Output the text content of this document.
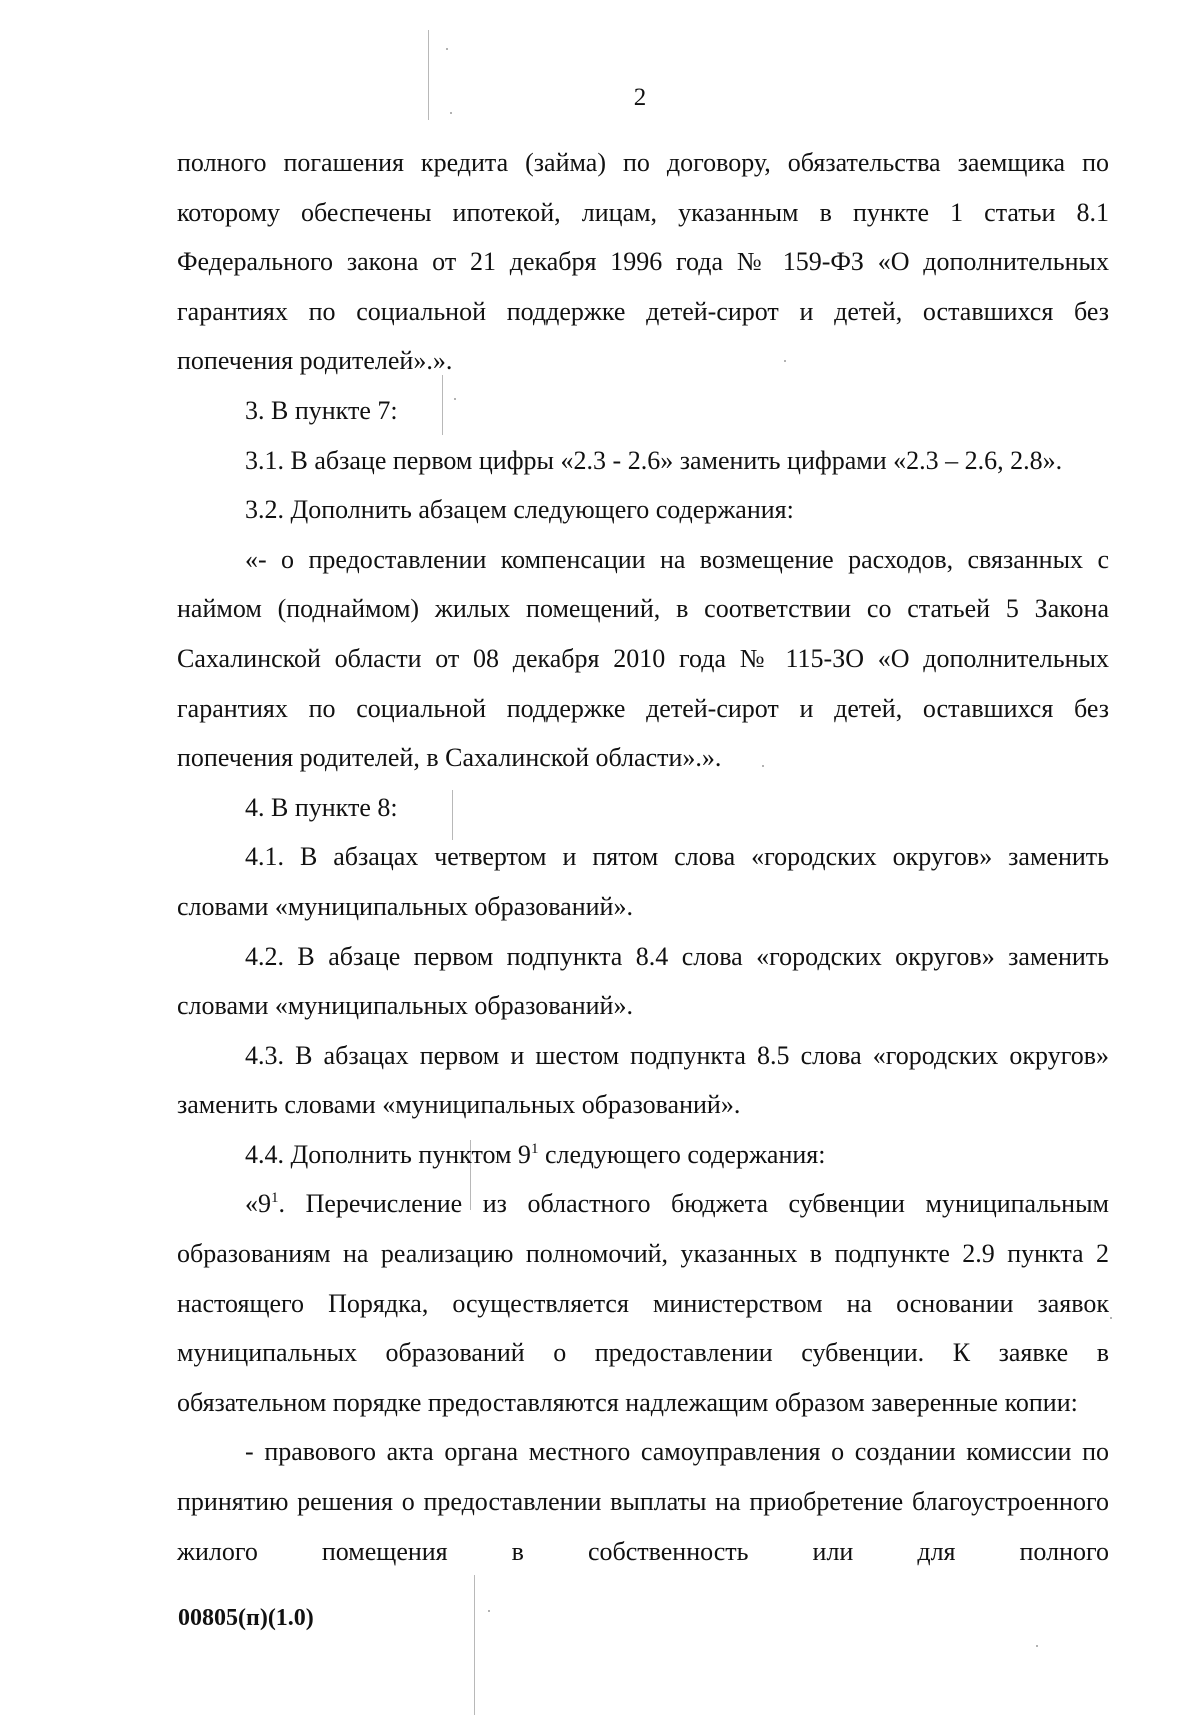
2

полного погашения кредита (займа) по договору, обязательства заемщика по которому обеспечены ипотекой, лицам, указанным в пункте 1 статьи 8.1 Федерального закона от 21 декабря 1996 года № 159-ФЗ «О дополнительных гарантиях по социальной поддержке детей-сирот и детей, оставшихся без попечения родителей».».

3. В пункте 7:

3.1. В абзаце первом цифры «2.3 - 2.6» заменить цифрами «2.3 – 2.6, 2.8».

3.2. Дополнить абзацем следующего содержания:

«- о предоставлении компенсации на возмещение расходов, связанных с наймом (поднаймом) жилых помещений, в соответствии со статьей 5 Закона Сахалинской области от 08 декабря 2010 года № 115-ЗО «О дополнительных гарантиях по социальной поддержке детей-сирот и детей, оставшихся без попечения родителей, в Сахалинской области».».

4. В пункте 8:

4.1. В абзацах четвертом и пятом слова «городских округов» заменить словами «муниципальных образований».

4.2. В абзаце первом подпункта 8.4 слова «городских округов» заменить словами «муниципальных образований».

4.3. В абзацах первом и шестом подпункта 8.5 слова «городских округов» заменить словами «муниципальных образований».

4.4. Дополнить пунктом $9^1$ следующего содержания:

«$9^1$. Перечисление из областного бюджета субвенции муниципальным образованиям на реализацию полномочий, указанных в подпункте 2.9 пункта 2 настоящего Порядка, осуществляется министерством на основании заявок муниципальных образований о предоставлении субвенции. К заявке в обязательном порядке предоставляются надлежащим образом заверенные копии:

- правового акта органа местного самоуправления о создании комиссии по принятию решения о предоставлении выплаты на приобретение благоустроенного жилого помещения в собственность или для полного

00805(п)(1.0)
